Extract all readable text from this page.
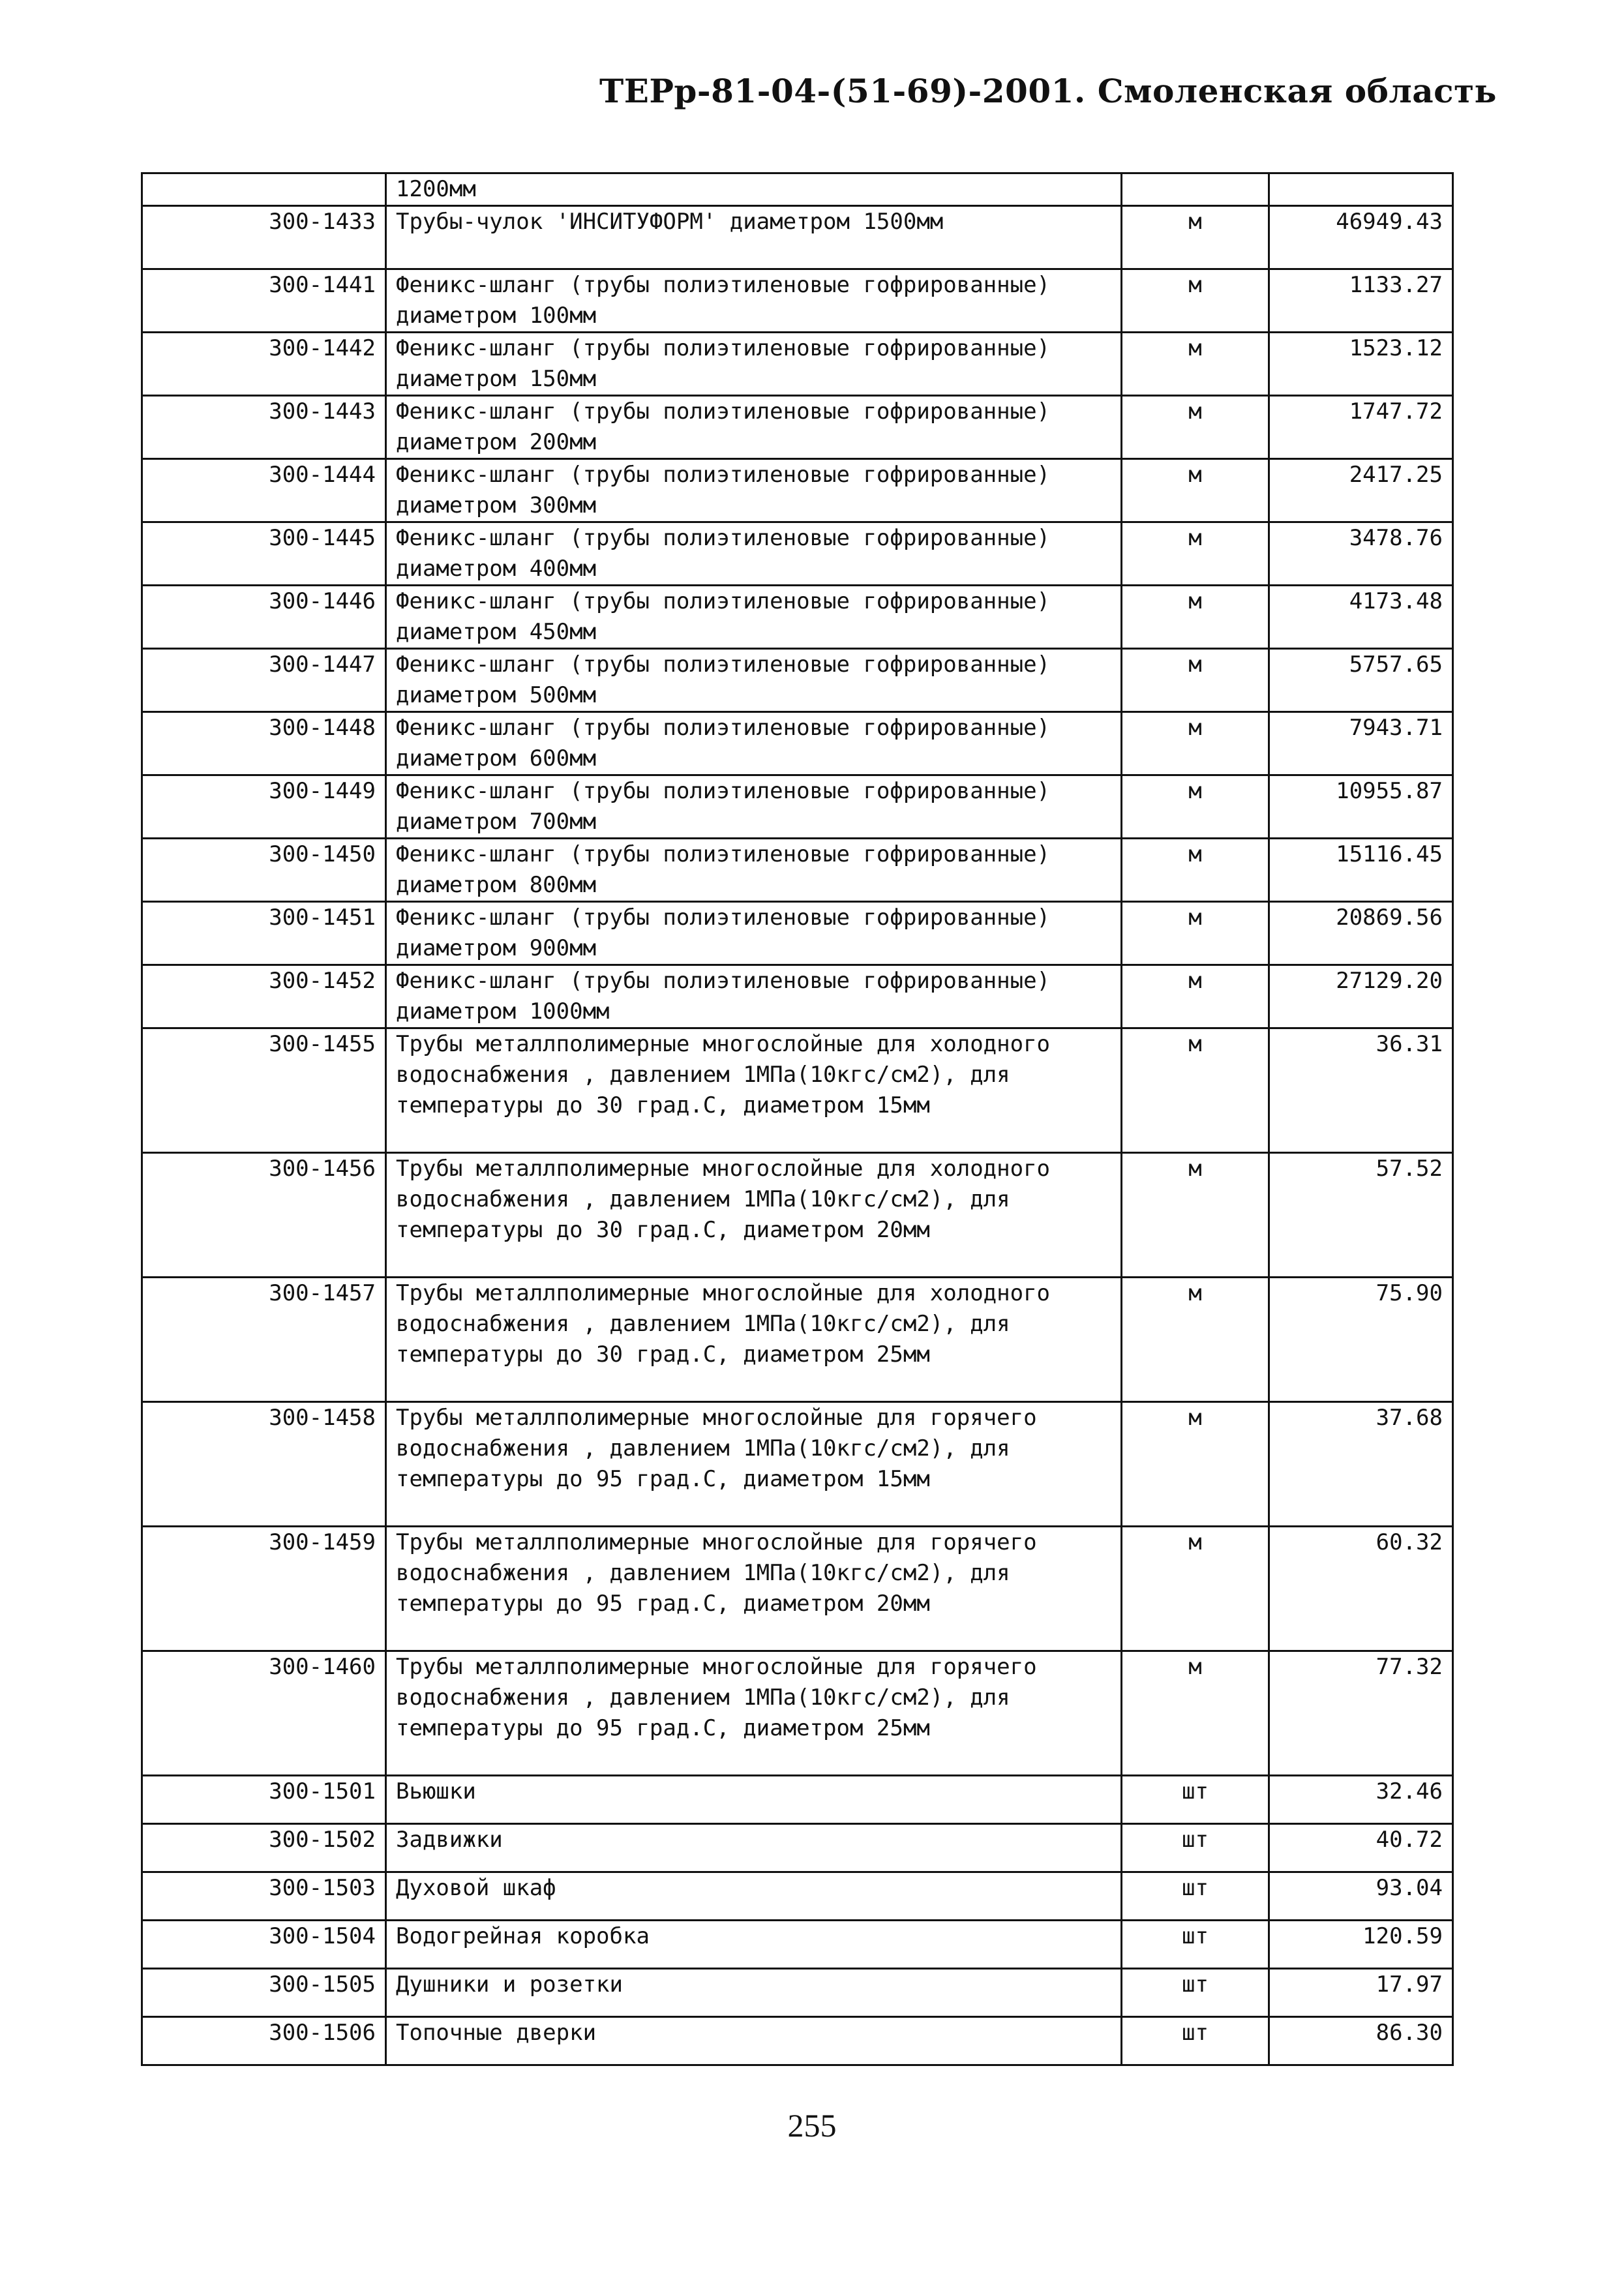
ТЕРр-81-04-(51-69)-2001. Смоленская область
	1200мм		
300-1433	Трубы-чулок 'ИНСИТУФОРМ' диаметром 1500мм	м	46949.43
300-1441	Феникс-шланг (трубы полиэтиленовые гофрированные) диаметром 100мм	м	1133.27
300-1442	Феникс-шланг (трубы полиэтиленовые гофрированные) диаметром 150мм	м	1523.12
300-1443	Феникс-шланг (трубы полиэтиленовые гофрированные) диаметром 200мм	м	1747.72
300-1444	Феникс-шланг (трубы полиэтиленовые гофрированные) диаметром 300мм	м	2417.25
300-1445	Феникс-шланг (трубы полиэтиленовые гофрированные) диаметром 400мм	м	3478.76
300-1446	Феникс-шланг (трубы полиэтиленовые гофрированные) диаметром 450мм	м	4173.48
300-1447	Феникс-шланг (трубы полиэтиленовые гофрированные) диаметром 500мм	м	5757.65
300-1448	Феникс-шланг (трубы полиэтиленовые гофрированные) диаметром 600мм	м	7943.71
300-1449	Феникс-шланг (трубы полиэтиленовые гофрированные) диаметром 700мм	м	10955.87
300-1450	Феникс-шланг (трубы полиэтиленовые гофрированные) диаметром 800мм	м	15116.45
300-1451	Феникс-шланг (трубы полиэтиленовые гофрированные) диаметром 900мм	м	20869.56
300-1452	Феникс-шланг (трубы полиэтиленовые гофрированные) диаметром 1000мм	м	27129.20
300-1455	Трубы металлполимерные многослойные для холодного водоснабжения , давлением 1МПа(10кгс/см2), для температуры до 30 град.С, диаметром 15мм	м	36.31
300-1456	Трубы металлполимерные многослойные для холодного водоснабжения , давлением 1МПа(10кгс/см2), для температуры до 30 град.С, диаметром 20мм	м	57.52
300-1457	Трубы металлполимерные многослойные для холодного водоснабжения , давлением 1МПа(10кгс/см2), для температуры до 30 град.С, диаметром 25мм	м	75.90
300-1458	Трубы металлполимерные многослойные для горячего водоснабжения , давлением 1МПа(10кгс/см2), для температуры до 95 град.С, диаметром 15мм	м	37.68
300-1459	Трубы металлполимерные многослойные для горячего водоснабжения , давлением 1МПа(10кгс/см2), для температуры до 95 град.С, диаметром 20мм	м	60.32
300-1460	Трубы металлполимерные многослойные для горячего водоснабжения , давлением 1МПа(10кгс/см2), для температуры до 95 град.С, диаметром 25мм	м	77.32
300-1501	Вьюшки	шт	32.46
300-1502	Задвижки	шт	40.72
300-1503	Духовой шкаф	шт	93.04
300-1504	Водогрейная коробка	шт	120.59
300-1505	Душники и розетки	шт	17.97
300-1506	Топочные дверки	шт	86.30
255
